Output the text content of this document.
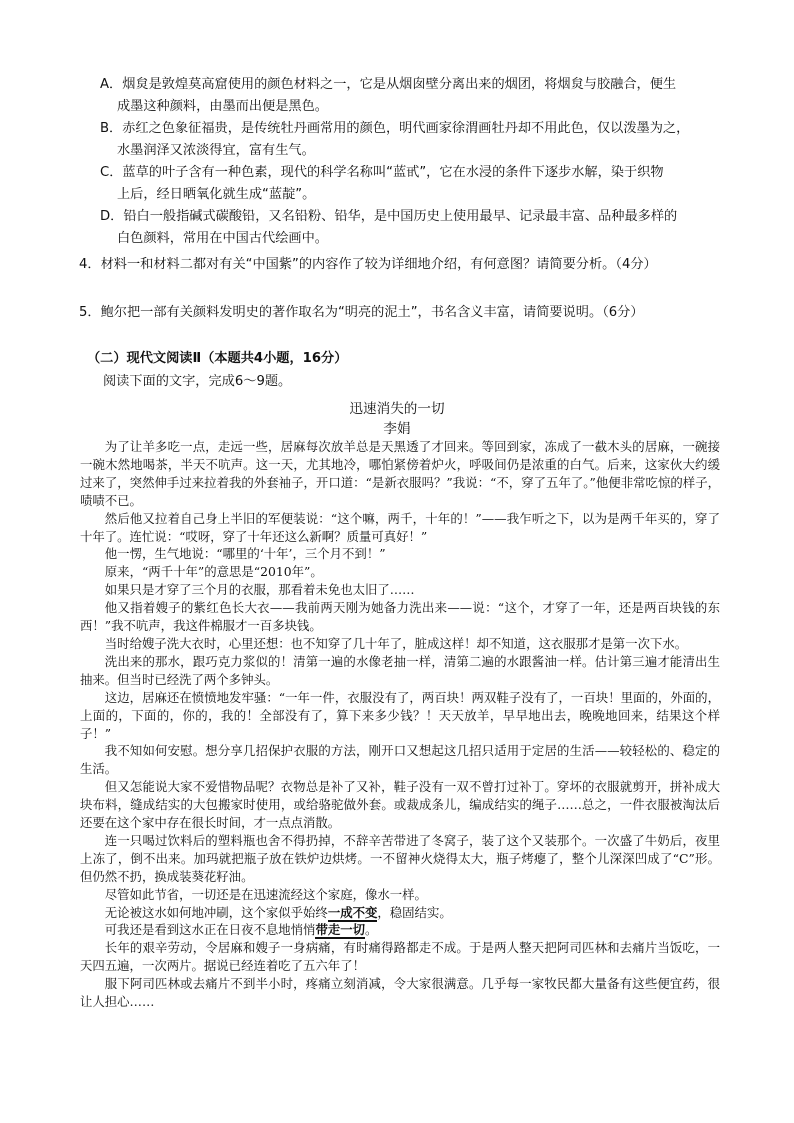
A．烟炱是敦煌莫高窟使用的颜色材料之一，它是从烟囱壁分离出来的烟团，将烟炱与胶融合，便生
成墨这种颜料，由墨而出便是黑色。
B．赤红之色象征福贵，是传统牡丹画常用的颜色，明代画家徐渭画牡丹却不用此色，仅以泼墨为之，
水墨润泽又浓淡得宜，富有生气。
C．蓝草的叶子含有一种色素，现代的科学名称叫“蓝甙”，它在水浸的条件下逐步水解，染于织物
上后，经日晒氧化就生成“蓝靛”。
D．铅白一般指碱式碳酸铅，又名铅粉、铅华，是中国历史上使用最早、记录最丰富、品种最多样的
白色颜料，常用在中国古代绘画中。
4．材料一和材料二都对有关“中国紫”的内容作了较为详细地介绍，有何意图？请简要分析。（4分）
5．鲍尔把一部有关颜料发明史的著作取名为“明亮的泥土”，书名含义丰富，请简要说明。（6分）
（二）现代文阅读Ⅱ（本题共4小题，16分）
阅读下面的文字，完成6～9题。
迅速消失的一切
李娟

为了让羊多吃一点，走远一些，居麻每次放羊总是天黑透了才回来。等回到家，冻成了一截木头的居麻，一碗接一碗木然地喝茶，半天不吭声。这一天，尤其地冷，哪怕紧傍着炉火，呼吸间仍是浓重的白气。后来，这家伙大约缓过来了，突然伸手过来拉着我的外套袖子，开口道：“是新衣服吗？”我说：“不，穿了五年了。”他便非常吃惊的样子，啧啧不已。

然后他又拉着自己身上半旧的军便装说：“这个嘛，两千，十年的！”——我乍听之下，以为是两千年买的，穿了十年了。连忙说：“哎呀，穿了十年还这么新啊？质量可真好！”

他一愣，生气地说：“哪里的‘十年’，三个月不到！”

原来，“两千十年”的意思是“2010年”。

如果只是才穿了三个月的衣服，那看着未免也太旧了……

他又指着嫂子的紫红色长大衣——我前两天刚为她备力洗出来——说：“这个，才穿了一年，还是两百块钱的东西！”我不吭声，我这件棉服才一百多块钱。

当时给嫂子洗大衣时，心里还想：也不知穿了几十年了，脏成这样！却不知道，这衣服那才是第一次下水。

洗出来的那水，跟巧克力浆似的！清第一遍的水像老抽一样，清第二遍的水跟酱油一样。估计第三遍才能清出生抽来。但当时已经洗了两个多钟头。

这边，居麻还在愤愤地发牢骚：“一年一件，衣服没有了，两百块！两双鞋子没有了，一百块！里面的，外面的，上面的，下面的，你的，我的！全部没有了，算下来多少钱？！天天放羊，早早地出去，晚晚地回来，结果这个样子！”

我不知如何安慰。想分享几招保护衣服的方法，刚开口又想起这几招只适用于定居的生活——较轻松的、稳定的生活。

但又怎能说大家不爱惜物品呢？衣物总是补了又补，鞋子没有一双不曾打过补丁。穿坏的衣服就剪开，拼补成大块布料，缝成结实的大包搬家时使用，或给骆驼做外套。或裁成条儿，编成结实的绳子……总之，一件衣服被淘汰后还要在这个家中存在很长时间，才一点点消散。

连一只喝过饮料后的塑料瓶也舍不得扔掉，不辞辛苦带进了冬窝子，装了这个又装那个。一次盛了牛奶后，夜里上冻了，倒不出来。加玛就把瓶子放在铁炉边烘烤。一不留神火烧得太大，瓶子烤瘪了，整个儿深深凹成了“C”形。但仍然不扔，换成装葵花籽油。

尽管如此节省，一切还是在迅速流经这个家庭，像水一样。

无论被这水如何地冲刷，这个家似乎始终一成不变，稳固结实。

可我还是看到这水正在日夜不息地悄悄带走一切。

长年的艰辛劳动，令居麻和嫂子一身病痛，有时痛得路都走不成。于是两人整天把阿司匹林和去痛片当饭吃，一天四五遍，一次两片。据说已经连着吃了五六年了！

服下阿司匹林或去痛片不到半小时，疼痛立刻消减，令大家很满意。几乎每一家牧民都大量备有这些便宜药，很让人担心……
